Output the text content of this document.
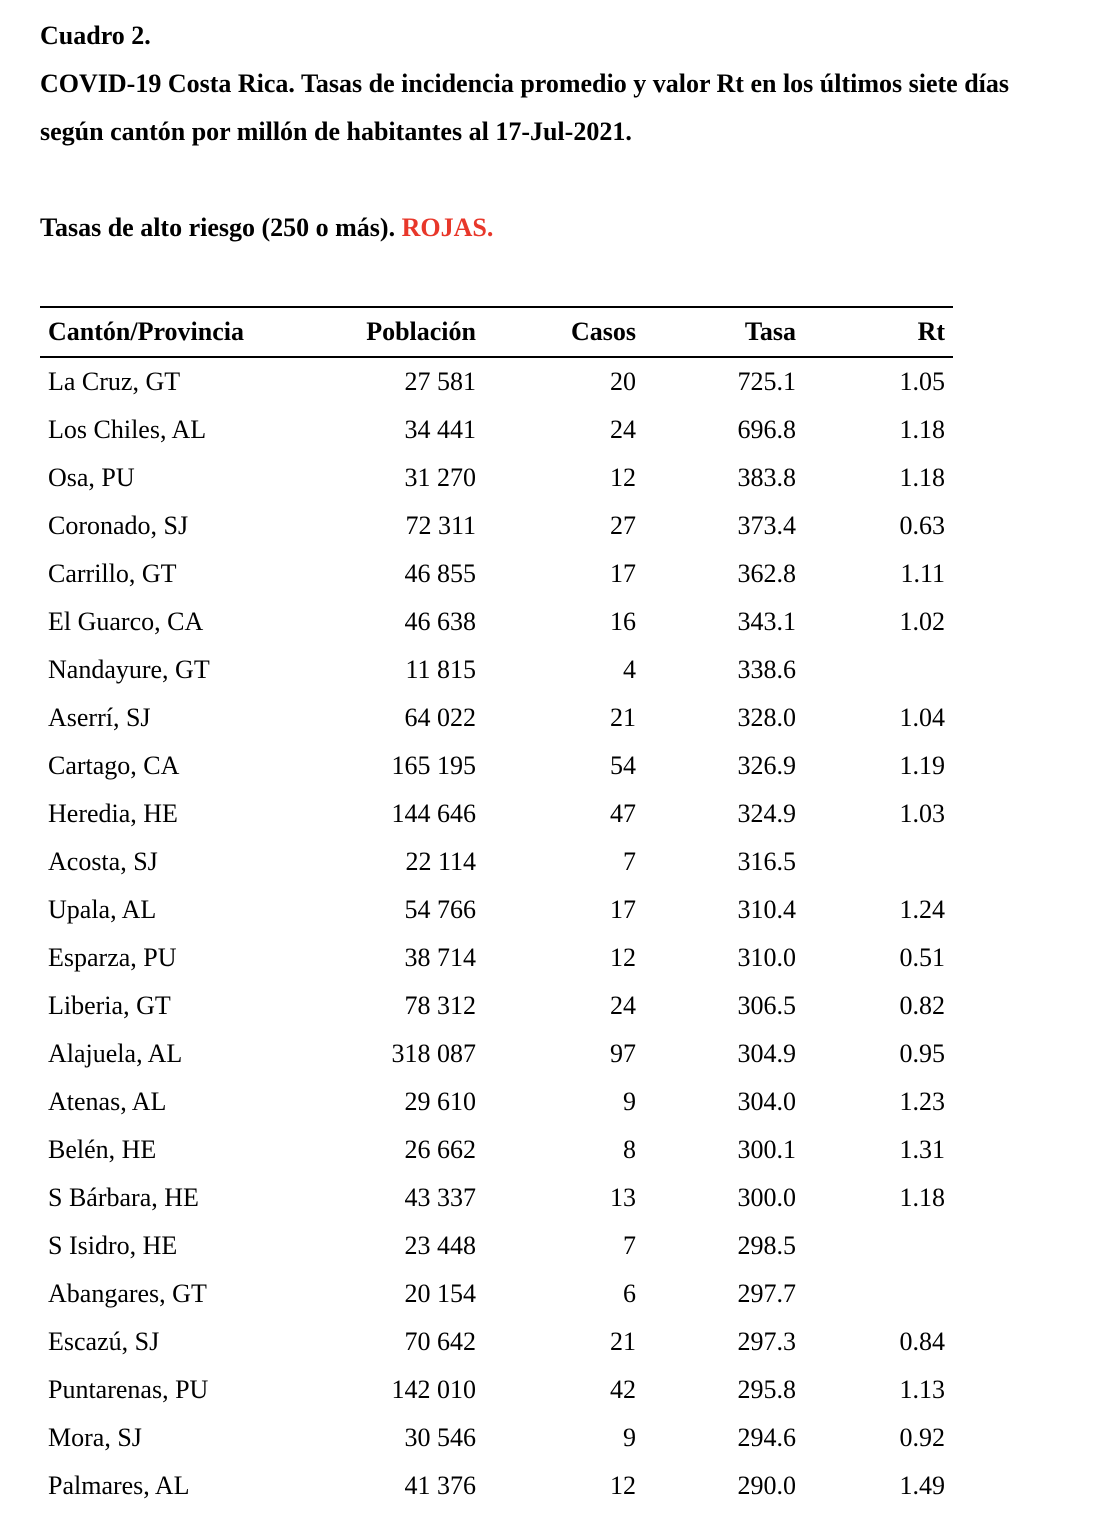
Cuadro 2.
COVID-19 Costa Rica. Tasas de incidencia promedio y valor Rt en los últimos siete días según cantón por millón de habitantes al 17-Jul-2021.
Tasas de alto riesgo (250 o más). ROJAS.
Cantón/Provincia	Población	Casos	Tasa	Rt
La Cruz, GT	27 581	20	725.1	1.05
Los Chiles, AL	34 441	24	696.8	1.18
Osa, PU	31 270	12	383.8	1.18
Coronado, SJ	72 311	27	373.4	0.63
Carrillo, GT	46 855	17	362.8	1.11
El Guarco, CA	46 638	16	343.1	1.02
Nandayure, GT	11 815	4	338.6	
Aserrí, SJ	64 022	21	328.0	1.04
Cartago, CA	165 195	54	326.9	1.19
Heredia, HE	144 646	47	324.9	1.03
Acosta, SJ	22 114	7	316.5	
Upala, AL	54 766	17	310.4	1.24
Esparza, PU	38 714	12	310.0	0.51
Liberia, GT	78 312	24	306.5	0.82
Alajuela, AL	318 087	97	304.9	0.95
Atenas, AL	29 610	9	304.0	1.23
Belén, HE	26 662	8	300.1	1.31
S Bárbara, HE	43 337	13	300.0	1.18
S Isidro, HE	23 448	7	298.5	
Abangares, GT	20 154	6	297.7	
Escazú, SJ	70 642	21	297.3	0.84
Puntarenas, PU	142 010	42	295.8	1.13
Mora, SJ	30 546	9	294.6	0.92
Palmares, AL	41 376	12	290.0	1.49
